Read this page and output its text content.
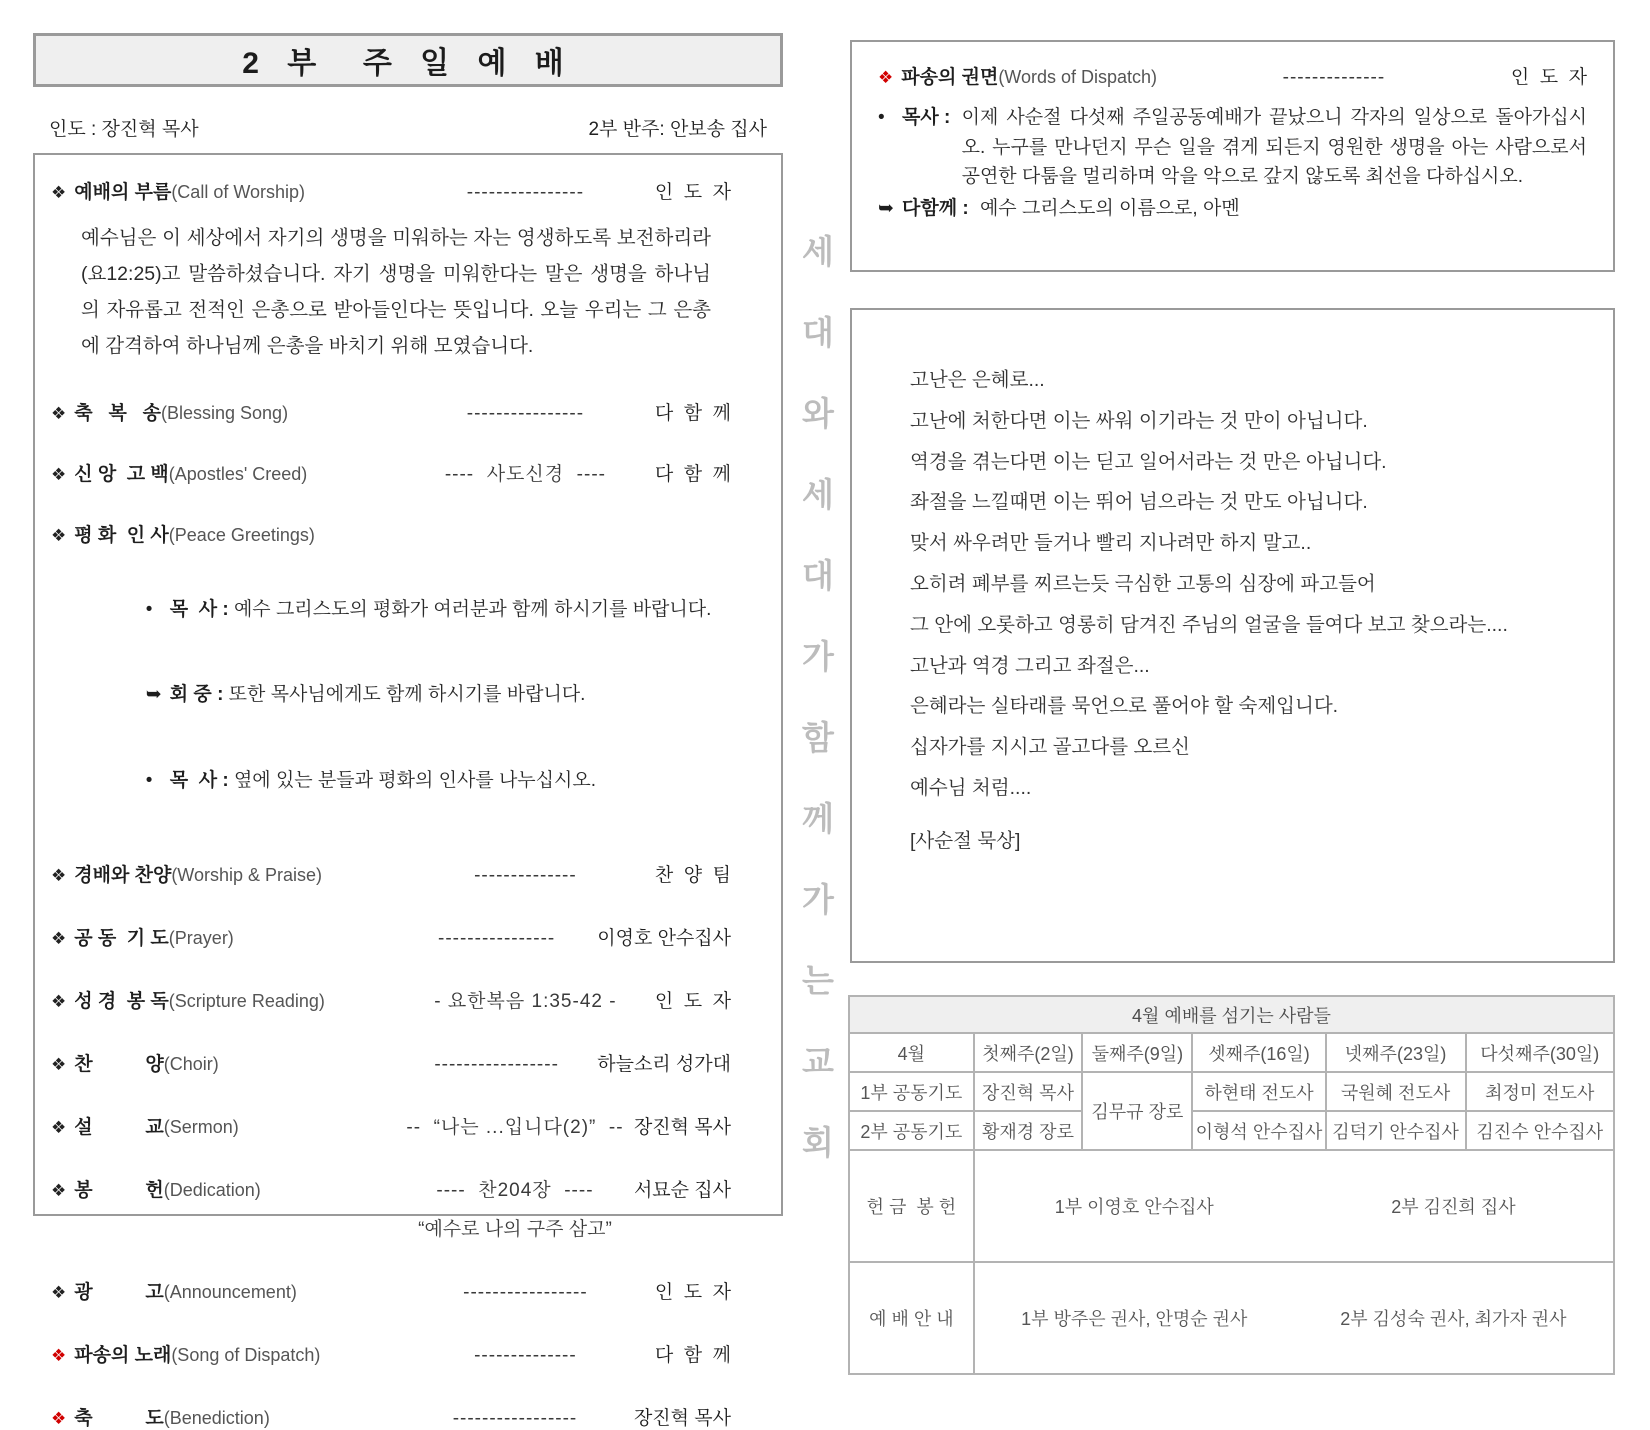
2 부  주 일 예 배
인도 : 장진혁 목사	2부 반주: 안보송 집사
❖ 예배의 부름(Call of Worship)	----------------	인  도  자
예수님은 이 세상에서 자기의 생명을 미워하는 자는 영생하도록 보전하리라(요12:25)고 말씀하셨습니다. 자기 생명을 미워한다는 말은 생명을 하나님의 자유롭고 전적인 은총으로 받아들인다는 뜻입니다. 오늘 우리는 그 은총에 감격하여 하나님께 은총을 바치기 위해 모였습니다.
❖ 축   복   송(Blessing Song)	----------------	다  함  께
❖ 신 앙  고 백(Apostles' Creed)	----  사도신경  ----	다  함  께
❖ 평 화  인 사(Peace Greetings)

• 목  사 : 예수 그리스도의 평화가 여러분과 함께 하시기를 바랍니다.

➥ 회 중 : 또한 목사님에게도 함께 하시기를 바랍니다.

• 목  사 : 옆에 있는 분들과 평화의 인사를 나누십시오.

❖ 경배와 찬양(Worship & Praise)	--------------	찬  양  팀
❖ 공 동  기 도(Prayer)	----------------	이영호 안수집사
❖ 성 경  봉 독(Scripture Reading)	- 요한복음 1:35-42 -	인  도  자
❖ 찬          양(Choir)	-----------------	하늘소리 성가대
❖ 설          교(Sermon)	--  “나는 ...입니다(2)”  -- 장진혁 목사
❖ 봉          헌(Dedication)	----  찬204장  ----	서묘순 집사
“예수로 나의 구주 삼고”
❖ 광          고(Announcement)	-----------------	인  도  자
❖ 파송의 노래(Song of Dispatch)	--------------	다  함  께
❖ 축          도(Benediction)	-----------------	장진혁 목사
세
대
와
세
대
가
함
께
가
는
교
회
❖ 파송의 권면(Words of Dispatch)	--------------	인  도  자
• 목사 : 이제 사순절 다섯째 주일공동예배가 끝났으니 각자의 일상으로 돌아가십시오. 누구를 만나던지 무슨 일을 겪게 되든지 영원한 생명을 아는 사람으로서 공연한 다툼을 멀리하며 악을 악으로 갚지 않도록 최선을 다하십시오.
➥ 다함께 : 예수 그리스도의 이름으로, 아멘
고난은 은혜로...
고난에 처한다면 이는 싸워 이기라는 것 만이 아닙니다.
역경을 겪는다면 이는 딛고 일어서라는 것 만은 아닙니다.
좌절을 느낄때면 이는 뛰어 넘으라는 것 만도 아닙니다.
맞서 싸우려만 들거나 빨리 지나려만 하지 말고..
오히려 폐부를 찌르는듯 극심한 고통의 심장에 파고들어
그 안에 오롯하고 영롱히 담겨진 주님의 얼굴을 들여다 보고 찾으라는....
고난과 역경 그리고 좌절은...
은혜라는 실타래를 묵언으로 풀어야 할 숙제입니다.
십자가를 지시고 골고다를 오르신
예수님 처럼....
[사순절 묵상]
4월 예배를 섬기는 사람들					
4월	첫째주(2일)	둘째주(9일)	셋째주(16일)	넷째주(23일)	다섯째주(30일)
1부 공동기도	장진혁 목사	김무규 장로	하현태 전도사	국원혜 전도사	최정미 전도사
2부 공동기도	황재경 장로		이형석 안수집사	김덕기 안수집사	김진수 안수집사
헌 금  봉 헌	1부 이영호 안수집사 2부 김진희 집사				

예 배 안 내	1부 방주은 권사, 안명순 권사 2부 김성숙 권사, 최가자 권사				
